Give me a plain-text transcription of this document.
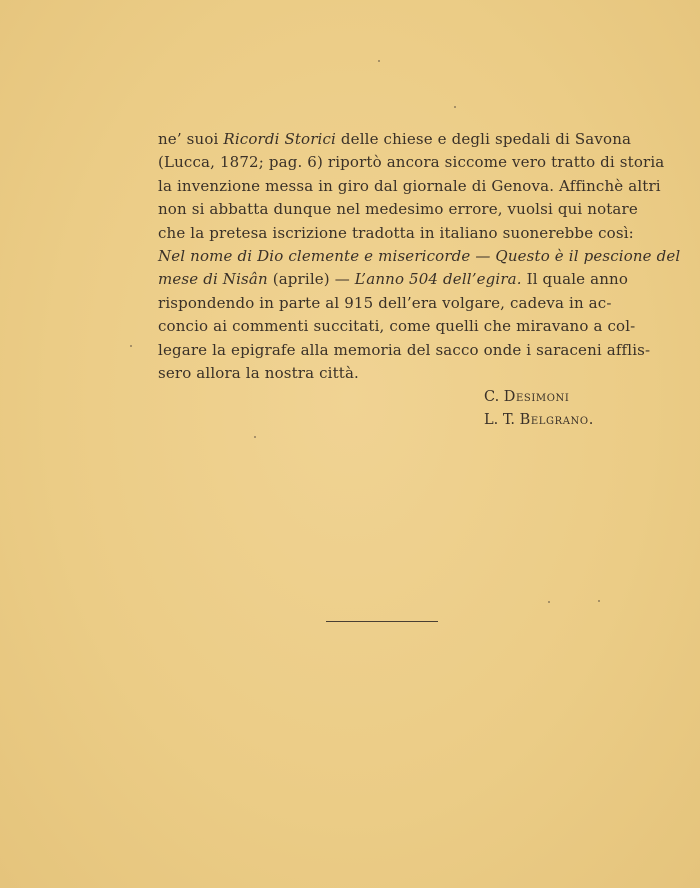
ne’ suoi Ricordi Storici delle chiese e degli spedali di Savona
(Lucca, 1872; pag. 6) riportò ancora siccome vero tratto di storia
la invenzione messa in giro dal giornale di Genova. Affinchè altri
non si abbatta dunque nel medesimo errore, vuolsi qui notare
che la pretesa iscrizione tradotta in italiano suonerebbe così:
Nel nome di Dio clemente e misericorde — Questo è il pescione del
mese di Nisân (aprile) — L’anno 504 dell’egira. Il quale anno
rispondendo in parte al 915 dell’era volgare, cadeva in ac-
concio ai commenti succitati, come quelli che miravano a col-
legare la epigrafe alla memoria del sacco onde i saraceni afflis-
sero allora la nostra città.
C. Desimoni
L. T. Belgrano.
